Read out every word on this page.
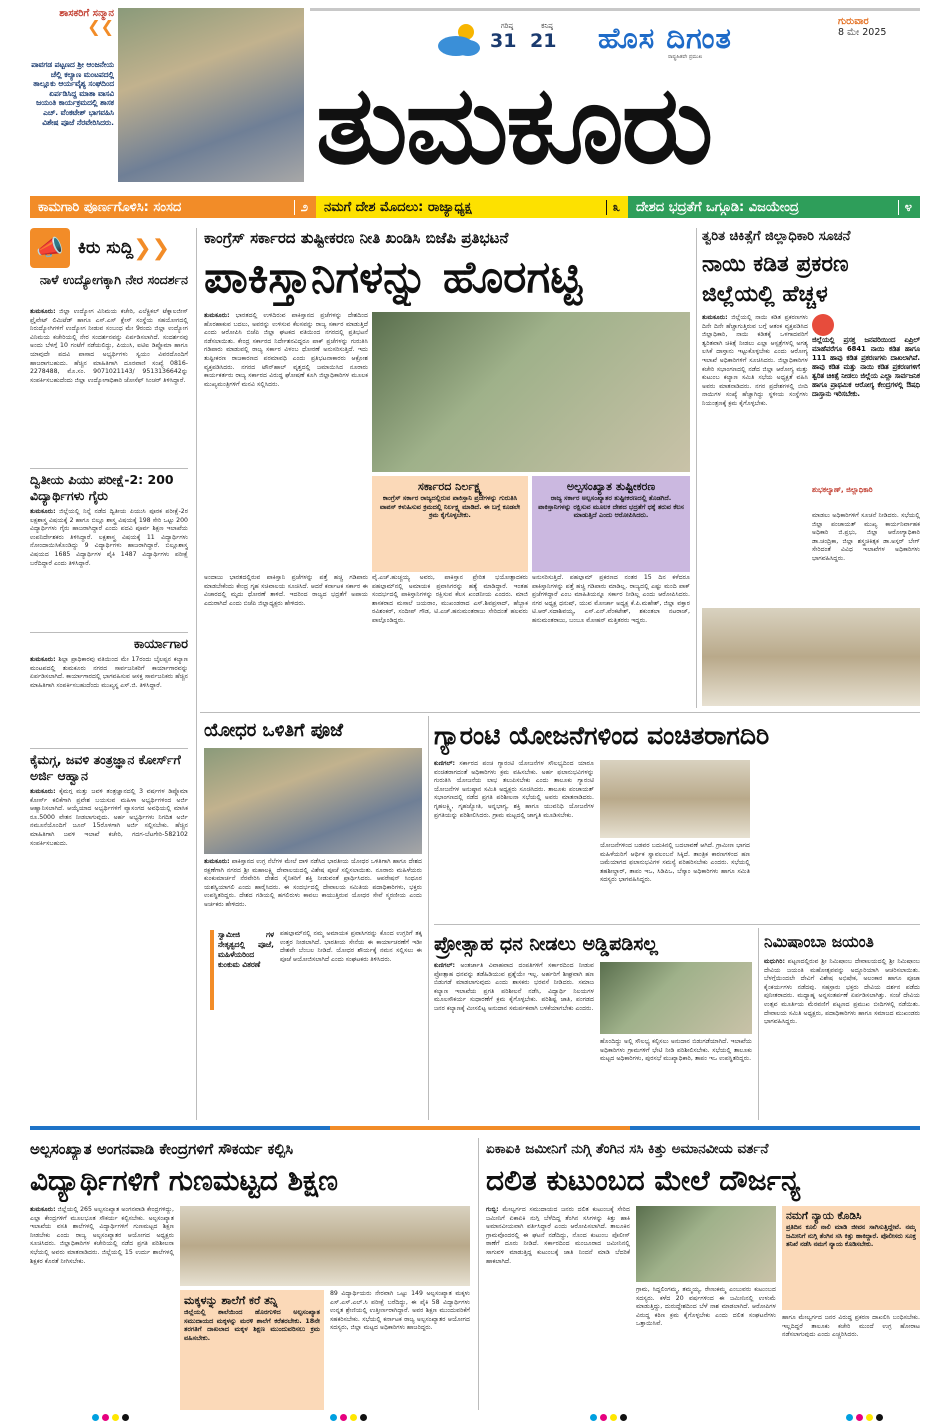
ಶಾಸಕರಿಗೆ ಸನ್ಮಾನ
❮❮
ಪಾವಗಡ ಪಟ್ಟಣದ ಶ್ರೀ ಆಂಜನೇಯ ಚೆಲ್ಲಿ ಕಲ್ಯಾಣ ಮಂಟಪದಲ್ಲಿ ತಾಲ್ಲೂಕು ಆರ್ಯವೈಶ್ಯ ಸಂಘದಿಂದ ಏರ್ಪಡಿಸಿದ್ದ ಮಾತಾ ವಾಸವಿ ಜಯಂತಿ ಕಾರ್ಯಕ್ರಮದಲ್ಲಿ ಶಾಸಕ ಎಚ್. ವೆಂಕಟೇಶ್ ಭಾಗವಹಿಸಿ ವಿಶೇಷ ಪೂಜೆ ನೆರವೇರಿಸಿದರು.
ಗರಿಷ್ಠ
31
ಕನಿಷ್ಠ
21 ಹೊಸ ದಿಗಂತ
ರಾಷ್ಟ್ರಹಿತವೇ ಪ್ರಮುಖ
ಗುರುವಾರ
8 ಮೇ 2025
ತುಮಕೂರು
ಕಾಮಗಾರಿ ಪೂರ್ಣಗೊಳಿಸಿ: ಸಂಸದ	೨ ನಮಗೆ ದೇಶ ಮೊದಲು: ರಾಜ್ಯಾಧ್ಯಕ್ಷ	೩ ದೇಶದ ಭದ್ರತೆಗೆ ಒಗ್ಗೂಡಿ: ವಿಜಯೇಂದ್ರ	೪
📣 ಕಿರು ಸುದ್ದಿ ❯❯
ನಾಳೆ ಉದ್ಯೋಗಕ್ಕಾಗಿ ನೇರ ಸಂದರ್ಶನ
ತುಮಕೂರು: ಜಿಲ್ಲಾ ಉದ್ಯೋಗ ವಿನಿಮಯ ಕಚೇರಿ, ಎಲೆಕ್ಟ್ರಿಕಲ್ ಟೆಕ್ನಾಲಜೀಸ್ ಪ್ರೈವೇಟ್ ಲಿಮಿಟೆಡ್ ಹಾಗೂ ಎಸ್.ಎಸ್ ಕ್ಲೇಸ್ ಸಂಸ್ಥೆಯ ಸಹಯೋಗದಲ್ಲಿ ನಿರುದ್ಯೋಗಿಗಳಿಗೆ ಉದ್ಯೋಗ ನೀಡುವ ಸಂಬಂಧ ಮೇ 9ರಂದು ಜಿಲ್ಲಾ ಉದ್ಯೋಗ ವಿನಿಮಯ ಕಚೇರಿಯಲ್ಲಿ ನೇರ ಸಂದರ್ಶನವನ್ನು ಏರ್ಪಡಿಸಲಾಗಿದೆ. ಸಂದರ್ಶನವು ಅಂದು ಬೆಳಗ್ಗೆ 10 ಗಂಟೆಗೆ ನಡೆಯಲಿದ್ದು, ಪಿಯುಸಿ, ಐಟಿಐ ಡಿಪ್ಲೊಮಾ ಹಾಗೂ ಯಾವುದೇ ಪದವಿ ಪಾಸಾದ ಅಭ್ಯರ್ಥಿಗಳು ಸ್ವಯಂ ವಿವರದೊಂದಿಗೆ ಹಾಜರಾಗಬಹುದು. ಹೆಚ್ಚಿನ ಮಾಹಿತಿಗಾಗಿ ದೂರವಾಣಿ ಸಂಖ್ಯೆ 0816-2278488, ಮೊ.ಸಂ. 9071021143/ 9513136642ನ್ನು ಸಂಪರ್ಕಿಸಬಹುದೆಂದು ಜಿಲ್ಲಾ ಉದ್ಯೋಗಾಧಿಕಾರಿ ಜೋಸೆಫ್ ಸಿಂಚರ್ ತಿಳಿಸಿದ್ದಾರೆ.
ದ್ವಿತೀಯ ಪಿಯು ಪರೀಕ್ಷೆ-2: 200 ವಿದ್ಯಾರ್ಥಿಗಳು ಗೈರು
ತುಮಕೂರು: ಜಿಲ್ಲೆಯಲ್ಲಿ ನಿನ್ನೆ ನಡೆದ ದ್ವಿತೀಯ ಪಿಯುಸಿ ಪೂರಕ ಪರೀಕ್ಷೆ-2ರ ಲಕ್ಷಶಾಸ್ತ್ರ ವಿಷಯಕ್ಕೆ 2 ಹಾಗೂ ಬಿಲ್ಲೂ ಶಾಸ್ತ್ರ ವಿಷಯಕ್ಕೆ 198 ಸೇರಿ ಒಟ್ಟು 200 ವಿದ್ಯಾರ್ಥಿಗಳು ಗೈರು ಹಾಜರಾಗಿದ್ದಾರೆ ಎಂದು ಪದವಿ ಪೂರ್ವ ಶಿಕ್ಷಣ ಇಲಾಖೆಯ ಉಪನಿರ್ದೇಶಕರು ತಿಳಿಸಿದ್ದಾರೆ. ಲಕ್ಷಶಾಸ್ತ್ರ ವಿಷಯಕ್ಕೆ 11 ವಿದ್ಯಾರ್ಥಿಗಳು ನೋಂದಾಯಿಸಿಕೊಂಡಿದ್ದು 9 ವಿದ್ಯಾರ್ಥಿಗಳು ಹಾಜರಾಗಿದ್ದಾರೆ. ಬಿಲ್ಲೂಶಾಸ್ತ್ರ ವಿಷಯದ 1685 ವಿದ್ಯಾರ್ಥಿಗಳ ಪೈಕಿ 1487 ವಿದ್ಯಾರ್ಥಿಗಳು ಪರೀಕ್ಷೆ ಬರೆದಿದ್ದಾರೆ ಎಂದು ತಿಳಿಸಿದ್ದಾರೆ.
ಕಾರ್ಯಾಗಾರ
ತುಮಕೂರು: ಶಿಲ್ಪಾ ಪ್ರಾಧಿಕಾರವು ವತಿಯಿಂದ ಮೇ 17ರಂದು ಬೈಲಪ್ಪನ ಕಲ್ಯಾಣ ಮಂಟಪದಲ್ಲಿ ತುಮಕೂರು ನಗರದ ಸಾರ್ವಜನಿಕರಿಗೆ ಕಾರ್ಯಾಗಾರವನ್ನು ಏರ್ಪಡಿಸಲಾಗಿದೆ. ಕಾರ್ಯಾಗಾರದಲ್ಲಿ ಭಾಗವಹಿಸುವ ಆಸಕ್ತ ಸಾರ್ವಜನಿಕರು ಹೆಚ್ಚಿನ ಮಾಹಿತಿಗಾಗಿ ಸಂಪರ್ಕಿಸಬಹುದೆಂದು ಮುಖ್ಯಸ್ಥ ಎಸ್.ಜಿ. ತಿಳಿಸಿದ್ದಾರೆ.
ಕೈಮಗ್ಗ, ಜವಳಿ ತಂತ್ರಜ್ಞಾನ ಕೋರ್ಸ್‌ಗೆ ಅರ್ಜಿ ಆಹ್ವಾನ
ತುಮಕೂರು: ಕೈಮಗ್ಗ ಮತ್ತು ಜವಳಿ ತಂತ್ರಜ್ಞಾನದಲ್ಲಿ 3 ವರ್ಷಗಳ ಡಿಪ್ಲೊಮಾ ಕೋರ್ಸ್ ಕಲಿಕೆಗಾಗಿ ಪ್ರವೇಶ ಬಯಸುವ ಮಹಿಳಾ ಅಭ್ಯರ್ಥಿಗಳಿಂದ ಅರ್ಜಿ ಆಹ್ವಾನಿಸಲಾಗಿದೆ. ಆಯ್ಕೆಯಾದ ಅಭ್ಯರ್ಥಿಗಳಿಗೆ ವ್ಯಾಸಂಗದ ಅವಧಿಯಲ್ಲಿ ಮಾಸಿಕ ರೂ.5000 ವೇತನ ನೀಡಲಾಗುವುದು. ಅರ್ಹ ಅಭ್ಯರ್ಥಿಗಳು ನಿಗದಿತ ಅರ್ಜಿ ನಮೂನೆಯೊಂದಿಗೆ ಜೂನ್ 15ರೊಳಗಾಗಿ ಅರ್ಜಿ ಸಲ್ಲಿಸಬೇಕು. ಹೆಚ್ಚಿನ ಮಾಹಿತಿಗಾಗಿ ಜವಳಿ ಇಲಾಖೆ ಕಚೇರಿ, ಗದಗ-ಬೆಟಗೇರಿ-582102 ಸಂಪರ್ಕಿಸಬಹುದು.
ಕಾಂಗ್ರೆಸ್ ಸರ್ಕಾರದ ತುಷ್ಟೀಕರಣ ನೀತಿ ಖಂಡಿಸಿ ಬಿಜೆಪಿ ಪ್ರತಿಭಟನೆ
ಪಾಕಿಸ್ತಾನಿಗಳನ್ನು ಹೊರಗಟ್ಟಿ
ತುಮಕೂರು: ಭಾರತದಲ್ಲಿ ಉಳಿದಿರುವ ಪಾಕಿಸ್ತಾನದ ಪ್ರಜೆಗಳನ್ನು ದೇಶದಿಂದ ಹೊರಹಾಕುವ ಬದಲು, ಅವರನ್ನು ಉಳಿಸುವ ಕೆಲಸವನ್ನು ರಾಜ್ಯ ಸರ್ಕಾರ ಮಾಡುತ್ತಿದೆ ಎಂದು ಆರೋಪಿಸಿ ಬಿಜೆಪಿ ಜಿಲ್ಲಾ ಘಟಕದ ವತಿಯಿಂದ ನಗರದಲ್ಲಿ ಪ್ರತಿಭಟನೆ ನಡೆಸಲಾಯಿತು. ಕೇಂದ್ರ ಸರ್ಕಾರದ ನಿರ್ದೇಶನವಿದ್ದರೂ ಪಾಕ್ ಪ್ರಜೆಗಳನ್ನು ಗುರುತಿಸಿ ಗಡಿಪಾರು ಮಾಡುವಲ್ಲಿ ರಾಜ್ಯ ಸರ್ಕಾರ ವಿಳಂಬ ಧೋರಣೆ ಅನುಸರಿಸುತ್ತಿದೆ. ಇದು ತುಷ್ಟೀಕರಣ ರಾಜಕಾರಣದ ಪರಮಾವಧಿ ಎಂದು ಪ್ರತಿಭಟನಾಕಾರರು ಆಕ್ರೋಶ ವ್ಯಕ್ತಪಡಿಸಿದರು. ನಗರದ ಟೌನ್‌ಹಾಲ್ ವೃತ್ತದಲ್ಲಿ ಜಮಾಯಿಸಿದ ನೂರಾರು ಕಾರ್ಯಕರ್ತರು ರಾಜ್ಯ ಸರ್ಕಾರದ ವಿರುದ್ಧ ಘೋಷಣೆ ಕೂಗಿ ಜಿಲ್ಲಾಧಿಕಾರಿಗಳ ಮೂಲಕ ಮುಖ್ಯಮಂತ್ರಿಗಳಿಗೆ ಮನವಿ ಸಲ್ಲಿಸಿದರು.
ಸರ್ಕಾರದ ನಿರ್ಲಕ್ಷ್ಯ
ಕಾಂಗ್ರೆಸ್ ಸರ್ಕಾರ ರಾಜ್ಯದಲ್ಲಿರುವ ಪಾಕಿಸ್ತಾನಿ ಪ್ರಜೆಗಳನ್ನು ಗುರುತಿಸಿ ವಾಪಸ್ ಕಳುಹಿಸುವ ಕ್ರಮದಲ್ಲಿ ನಿರ್ಲಕ್ಷ್ಯ ಮಾಡಿದೆ. ಈ ಬಗ್ಗೆ ಕೂಡಲೇ ಕ್ರಮ ಕೈಗೊಳ್ಳಬೇಕು.
ಅಲ್ಪಸಂಖ್ಯಾತ ತುಷ್ಟೀಕರಣ
ರಾಜ್ಯ ಸರ್ಕಾರ ಅಲ್ಪಸಂಖ್ಯಾತರ ತುಷ್ಟೀಕರಣದಲ್ಲಿ ತೊಡಗಿದೆ. ಪಾಕಿಸ್ತಾನಿಗಳನ್ನು ರಕ್ಷಿಸುವ ಮೂಲಕ ದೇಶದ ಭದ್ರತೆಗೆ ಧಕ್ಕೆ ತರುವ ಕೆಲಸ ಮಾಡುತ್ತಿದೆ ಎಂದು ಆರೋಪಿಸಿದರು.
ಅಂದಾಜು ಭಾರತದಲ್ಲಿರುವ ಪಾಕಿಸ್ತಾನಿ ಪ್ರಜೆಗಳನ್ನು ಪತ್ತೆ ಹಚ್ಚಿ ಗಡಿಪಾರು ಮಾಡಬೇಕೆಂದು ಕೇಂದ್ರ ಗೃಹ ಸಚಿವಾಲಯ ಸೂಚಿಸಿದೆ. ಆದರೆ ಕರ್ನಾಟಕ ಸರ್ಕಾರ ಈ ವಿಚಾರದಲ್ಲಿ ಮೃದು ಧೋರಣೆ ತಾಳಿದೆ. ಇದರಿಂದ ರಾಜ್ಯದ ಭದ್ರತೆಗೆ ಅಪಾಯ ಎದುರಾಗಿದೆ ಎಂದು ಬಿಜೆಪಿ ಜಿಲ್ಲಾಧ್ಯಕ್ಷರು ಹೇಳಿದರು.
ವೈ.ಎಚ್.ಹುಚ್ಚಯ್ಯ ಅವರು, ಪಾಕಿಸ್ತಾನ ಪ್ರೇರಿತ ಭಯೋತ್ಪಾದಕರು ಪಹಲ್ಗಾಮ್‌ನಲ್ಲಿ ಅಮಾಯಕ ಪ್ರವಾಸಿಗರನ್ನು ಹತ್ಯೆ ಮಾಡಿದ್ದಾರೆ. ಇಂತಹ ಸಂದರ್ಭದಲ್ಲಿ ಪಾಕಿಸ್ತಾನಿಗಳನ್ನು ರಕ್ಷಿಸುವ ಕೆಲಸ ಖಂಡನೀಯ ಎಂದರು. ಮಾಜಿ ಶಾಸಕರಾದ ಮಸಾಲೆ ಜಯರಾಂ, ಮುಖಂಡರಾದ ಎಸ್.ಶಿವಪ್ರಸಾದ್, ಹೆಬ್ಬಾಕ ರವಿಶಂಕರ್, ಸಂದೀಪ್ ಗೌಡ, ಟಿ.ಎಚ್.ಹನುಮಂತರಾಜು ಸೇರಿದಂತೆ ಹಲವರು ಪಾಲ್ಗೊಂಡಿದ್ದರು.
ಅನುಸರಿಸುತ್ತಿದೆ. ಪಹಲ್ಗಾಮ್ ಪ್ರಕರಣದ ನಂತರ 15 ದಿನ ಕಳೆದರೂ ಪಾಕಿಸ್ತಾನಿಗಳನ್ನು ಪತ್ತೆ ಹಚ್ಚಿ ಗಡಿಪಾರು ಮಾಡಿಲ್ಲ. ರಾಜ್ಯದಲ್ಲಿ ಎಷ್ಟು ಮಂದಿ ಪಾಕ್ ಪ್ರಜೆಗಳಿದ್ದಾರೆ ಎಂಬ ಮಾಹಿತಿಯನ್ನೂ ಸರ್ಕಾರ ನೀಡಿಲ್ಲ ಎಂದು ಆರೋಪಿಸಿದರು. ನಗರ ಅಧ್ಯಕ್ಷ ಧನುಷ್, ಯುವ ಮೋರ್ಚಾ ಅಧ್ಯಕ್ಷ ಕೆ.ಪಿ.ಮಹೇಶ್, ಜಿಲ್ಲಾ ವಕ್ತಾರ ಟಿ.ಆರ್.ಸದಾಶಿವಯ್ಯ, ಎಸ್.ಎನ್.ವೆಂಕಟೇಶ್, ಶಕುಂತಲಾ ನಟರಾಜ್, ಹನುಮಂತರಾಜು, ಬಂಬೂ ಮೋಹನ್ ಮತ್ತಿತರರು ಇದ್ದರು.
ತ್ವರಿತ ಚಿಕಿತ್ಸೆಗೆ ಜಿಲ್ಲಾಧಿಕಾರಿ ಸೂಚನೆ
ನಾಯಿ ಕಡಿತ ಪ್ರಕರಣ ಜಿಲ್ಲೆಯಲ್ಲಿ ಹೆಚ್ಚಳ
ತುಮಕೂರು: ಜಿಲ್ಲೆಯಲ್ಲಿ ನಾಯಿ ಕಡಿತ ಪ್ರಕರಣಗಳು ದಿನೇ ದಿನೇ ಹೆಚ್ಚಾಗುತ್ತಿರುವ ಬಗ್ಗೆ ಆತಂಕ ವ್ಯಕ್ತಪಡಿಸಿದ ಜಿಲ್ಲಾಧಿಕಾರಿ, ನಾಯಿ ಕಡಿತಕ್ಕೆ ಒಳಗಾದವರಿಗೆ ತ್ವರಿತವಾಗಿ ಚಿಕಿತ್ಸೆ ನೀಡಲು ಎಲ್ಲಾ ಆಸ್ಪತ್ರೆಗಳಲ್ಲಿ ಅಗತ್ಯ ಲಸಿಕೆ ದಾಸ್ತಾನು ಇಟ್ಟುಕೊಳ್ಳಬೇಕು ಎಂದು ಆರೋಗ್ಯ ಇಲಾಖೆ ಅಧಿಕಾರಿಗಳಿಗೆ ಸೂಚಿಸಿದರು. ಜಿಲ್ಲಾಧಿಕಾರಿಗಳ ಕಚೇರಿ ಸಭಾಂಗಣದಲ್ಲಿ ನಡೆದ ಜಿಲ್ಲಾ ಆರೋಗ್ಯ ಮತ್ತು ಕುಟುಂಬ ಕಲ್ಯಾಣ ಸಮಿತಿ ಸಭೆಯ ಅಧ್ಯಕ್ಷತೆ ವಹಿಸಿ ಅವರು ಮಾತನಾಡಿದರು. ನಗರ ಪ್ರದೇಶಗಳಲ್ಲಿ ಬೀದಿ ನಾಯಿಗಳ ಸಂಖ್ಯೆ ಹೆಚ್ಚಾಗಿದ್ದು ಸ್ಥಳೀಯ ಸಂಸ್ಥೆಗಳು ನಿಯಂತ್ರಣಕ್ಕೆ ಕ್ರಮ ಕೈಗೊಳ್ಳಬೇಕು.
ಜಿಲ್ಲೆಯಲ್ಲಿ ಪ್ರಸಕ್ತ ಜನವರಿಯಿಂದ ಏಪ್ರಿಲ್ ಮಾಹೆವರೆಗೂ 6841 ನಾಯಿ ಕಡಿತ ಹಾಗೂ 111 ಹಾವು ಕಡಿತ ಪ್ರಕರಣಗಳು ದಾಖಲಾಗಿವೆ. ಹಾವು ಕಡಿತ ಮತ್ತು ನಾಯಿ ಕಡಿತ ಪ್ರಕರಣಗಳಿಗೆ ತ್ವರಿತ ಚಿಕಿತ್ಸೆ ನೀಡಲು ಜಿಲ್ಲೆಯ ಎಲ್ಲಾ ಸಾರ್ವಜನಿಕ ಹಾಗೂ ಪ್ರಾಥಮಿಕ ಆರೋಗ್ಯ ಕೇಂದ್ರಗಳಲ್ಲಿ ಔಷಧಿ ದಾಸ್ತಾನು ಇರಿಸಬೇಕು.
ಶುಭಕಲ್ಯಾಣ್, ಜಿಲ್ಲಾಧಿಕಾರಿ
ಮಾಡಲು ಅಧಿಕಾರಿಗಳಿಗೆ ಸೂಚನೆ ನೀಡಿದರು. ಸಭೆಯಲ್ಲಿ ಜಿಲ್ಲಾ ಪಂಚಾಯತ್ ಮುಖ್ಯ ಕಾರ್ಯನಿರ್ವಾಹಕ ಅಧಿಕಾರಿ ಜಿ.ಪ್ರಭು, ಜಿಲ್ಲಾ ಆರೋಗ್ಯಾಧಿಕಾರಿ ಡಾ.ಚಂದ್ರಿಕಾ, ಜಿಲ್ಲಾ ಶಸ್ತ್ರಚಿಕಿತ್ಸಕ ಡಾ.ಅಸ್ಗರ್ ಬೇಗ್ ಸೇರಿದಂತೆ ವಿವಿಧ ಇಲಾಖೆಗಳ ಅಧಿಕಾರಿಗಳು ಭಾಗವಹಿಸಿದ್ದರು.
ಯೋಧರ ಒಳಿತಿಗೆ ಪೂಜೆ
ತುಮಕೂರು: ಪಾಕಿಸ್ತಾನದ ಉಗ್ರ ನೆಲೆಗಳ ಮೇಲೆ ದಾಳಿ ನಡೆಸಿದ ಭಾರತೀಯ ಯೋಧರ ಒಳಿತಿಗಾಗಿ ಹಾಗೂ ದೇಶದ ರಕ್ಷಣೆಗಾಗಿ ನಗರದ ಶ್ರೀ ಮಹಾಲಕ್ಷ್ಮಿ ದೇವಾಲಯದಲ್ಲಿ ವಿಶೇಷ ಪೂಜೆ ಸಲ್ಲಿಸಲಾಯಿತು. ನೂರಾರು ಮಹಿಳೆಯರು ಕುಂಕುಮಾರ್ಚನೆ ನೆರವೇರಿಸಿ ದೇಶದ ಸೈನಿಕರಿಗೆ ಶಕ್ತಿ ನೀಡುವಂತೆ ಪ್ರಾರ್ಥಿಸಿದರು. ಆಪರೇಷನ್ ಸಿಂಧೂರ ಯಶಸ್ವಿಯಾಗಲಿ ಎಂದು ಹಾರೈಸಿದರು. ಈ ಸಂದರ್ಭದಲ್ಲಿ ದೇವಾಲಯ ಸಮಿತಿಯ ಪದಾಧಿಕಾರಿಗಳು, ಭಕ್ತರು ಉಪಸ್ಥಿತರಿದ್ದರು. ದೇಶದ ಗಡಿಯಲ್ಲಿ ಹಗಲಿರುಳು ಕಾವಲು ಕಾಯುತ್ತಿರುವ ಯೋಧರ ಸೇವೆ ಸ್ಮರಣೀಯ ಎಂದು ಅರ್ಚಕರು ಹೇಳಿದರು.
ಸ್ವಾಮೀಜಿ ಗಳ ನೇತೃತ್ವದಲ್ಲಿ ಪೂಜೆ, ಮಹಿಳೆಯರಿಂದ ಕುಂಕುಮ ವಿತರಣೆ
ಪಹಲ್ಗಾಮ್‌ನಲ್ಲಿ ನಮ್ಮ ಅಮಾಯಕ ಪ್ರವಾಸಿಗರನ್ನು ಕೊಂದ ಉಗ್ರರಿಗೆ ತಕ್ಕ ಉತ್ತರ ನೀಡಲಾಗಿದೆ. ಭಾರತೀಯ ಸೇನೆಯ ಈ ಕಾರ್ಯಾಚರಣೆಗೆ ಇಡೀ ದೇಶವೇ ಬೆಂಬಲ ನೀಡಿದೆ. ಯೋಧರ ಶೌರ್ಯಕ್ಕೆ ನಮನ ಸಲ್ಲಿಸಲು ಈ ಪೂಜೆ ಆಯೋಜಿಸಲಾಗಿದೆ ಎಂದು ಸಂಘಟಕರು ತಿಳಿಸಿದರು.
ಗ್ಯಾರಂಟಿ ಯೋಜನೆಗಳಿಂದ ವಂಚಿತರಾಗದಿರಿ
ಕುಣಿಗಲ್: ಸರ್ಕಾರದ ಪಂಚ ಗ್ಯಾರಂಟಿ ಯೋಜನೆಗಳ ಸೌಲಭ್ಯದಿಂದ ಯಾರೂ ವಂಚಿತರಾಗದಂತೆ ಅಧಿಕಾರಿಗಳು ಕ್ರಮ ವಹಿಸಬೇಕು. ಅರ್ಹ ಫಲಾನುಭವಿಗಳನ್ನು ಗುರುತಿಸಿ ಯೋಜನೆಯ ಲಾಭ ತಲುಪಿಸಬೇಕು ಎಂದು ತಾಲೂಕು ಗ್ಯಾರಂಟಿ ಯೋಜನೆಗಳ ಅನುಷ್ಠಾನ ಸಮಿತಿ ಅಧ್ಯಕ್ಷರು ಸೂಚಿಸಿದರು. ತಾಲೂಕು ಪಂಚಾಯತ್ ಸಭಾಂಗಣದಲ್ಲಿ ನಡೆದ ಪ್ರಗತಿ ಪರಿಶೀಲನಾ ಸಭೆಯಲ್ಲಿ ಅವರು ಮಾತನಾಡಿದರು. ಗೃಹಲಕ್ಷ್ಮಿ, ಗೃಹಜ್ಯೋತಿ, ಅನ್ನಭಾಗ್ಯ, ಶಕ್ತಿ ಹಾಗೂ ಯುವನಿಧಿ ಯೋಜನೆಗಳ ಪ್ರಗತಿಯನ್ನು ಪರಿಶೀಲಿಸಿದರು. ಗ್ರಾಮ ಮಟ್ಟದಲ್ಲಿ ಜಾಗೃತಿ ಮೂಡಿಸಬೇಕು.
ಯೋಜನೆಗಳಿಂದ ಬಡವರ ಬದುಕಿನಲ್ಲಿ ಬದಲಾವಣೆ ಆಗಿದೆ. ಗ್ರಾಮೀಣ ಭಾಗದ ಮಹಿಳೆಯರಿಗೆ ಆರ್ಥಿಕ ಸ್ವಾವಲಂಬನೆ ಸಿಕ್ಕಿದೆ. ತಾಂತ್ರಿಕ ಕಾರಣಗಳಿಂದ ಹಣ ಜಮೆಯಾಗದ ಫಲಾನುಭವಿಗಳ ಸಮಸ್ಯೆ ಪರಿಹರಿಸಬೇಕು ಎಂದರು. ಸಭೆಯಲ್ಲಿ ತಹಶೀಲ್ದಾರ್, ತಾಪಂ ಇಒ, ಸಿಡಿಪಿಒ, ಬೆಸ್ಕಾಂ ಅಧಿಕಾರಿಗಳು ಹಾಗೂ ಸಮಿತಿ ಸದಸ್ಯರು ಭಾಗವಹಿಸಿದ್ದರು.
ಪ್ರೋತ್ಸಾಹ ಧನ ನೀಡಲು ಅಡ್ಡಿಪಡಿಸಲ್ಲ
ಕುಣಿಗಲ್: ಅಂತರ್ಜಾತಿ ವಿವಾಹವಾದ ದಂಪತಿಗಳಿಗೆ ಸರ್ಕಾರದಿಂದ ನೀಡುವ ಪ್ರೋತ್ಸಾಹ ಧನವನ್ನು ತಡೆಹಿಡಿಯುವ ಪ್ರಶ್ನೆಯೇ ಇಲ್ಲ. ಅರ್ಹರಿಗೆ ಶೀಘ್ರವಾಗಿ ಹಣ ಬಿಡುಗಡೆ ಮಾಡಲಾಗುವುದು ಎಂದು ಶಾಸಕರು ಭರವಸೆ ನೀಡಿದರು. ಸಮಾಜ ಕಲ್ಯಾಣ ಇಲಾಖೆಯ ಪ್ರಗತಿ ಪರಿಶೀಲನೆ ನಡೆಸಿ, ವಿದ್ಯಾರ್ಥಿ ನಿಲಯಗಳ ಮೂಲಸೌಕರ್ಯ ಸುಧಾರಣೆಗೆ ಕ್ರಮ ಕೈಗೊಳ್ಳಬೇಕು. ಪರಿಶಿಷ್ಟ ಜಾತಿ, ಪಂಗಡದ ಜನರ ಕಲ್ಯಾಣಕ್ಕೆ ಮೀಸಲಿಟ್ಟ ಅನುದಾನ ಸಮರ್ಪಕವಾಗಿ ಬಳಕೆಯಾಗಬೇಕು ಎಂದರು.
ಹೊಂದಿದ್ದು ಅಲ್ಲಿ ಸೌಲಭ್ಯ ಕಲ್ಪಿಸಲು ಅನುದಾನ ಬಿಡುಗಡೆಯಾಗಿದೆ. ಇಲಾಖೆಯ ಅಧಿಕಾರಿಗಳು ಗ್ರಾಮಗಳಿಗೆ ಭೇಟಿ ನೀಡಿ ಪರಿಶೀಲಿಸಬೇಕು. ಸಭೆಯಲ್ಲಿ ತಾಲೂಕು ಮಟ್ಟದ ಅಧಿಕಾರಿಗಳು, ಪುರಸಭೆ ಮುಖ್ಯಾಧಿಕಾರಿ, ತಾಪಂ ಇಒ ಉಪಸ್ಥಿತರಿದ್ದರು.
ನಿಮಿಷಾಂಬಾ ಜಯಂತಿ
ಮಧುಗಿರಿ: ಪಟ್ಟಣದಲ್ಲಿರುವ ಶ್ರೀ ನಿಮಿಷಾಂಬ ದೇವಾಲಯದಲ್ಲಿ ಶ್ರೀ ನಿಮಿಷಾಂಬ ದೇವಿಯ ಜಯಂತಿ ಮಹೋತ್ಸವವನ್ನು ಅದ್ದೂರಿಯಾಗಿ ಆಚರಿಸಲಾಯಿತು. ಬೆಳಗ್ಗೆಯಿಂದಲೇ ದೇವಿಗೆ ವಿಶೇಷ ಅಭಿಷೇಕ, ಅಲಂಕಾರ ಹಾಗೂ ಪೂಜಾ ಕೈಂಕರ್ಯಗಳು ನಡೆದವು. ಸಹಸ್ರಾರು ಭಕ್ತರು ದೇವಿಯ ದರ್ಶನ ಪಡೆದು ಪುನೀತರಾದರು. ಮಧ್ಯಾಹ್ನ ಅನ್ನಸಂತರ್ಪಣೆ ಏರ್ಪಡಿಸಲಾಗಿತ್ತು. ಸಂಜೆ ದೇವಿಯ ಉತ್ಸವ ಮೂರ್ತಿಯ ಮೆರವಣಿಗೆ ಪಟ್ಟಣದ ಪ್ರಮುಖ ಬೀದಿಗಳಲ್ಲಿ ನಡೆಯಿತು. ದೇವಾಲಯ ಸಮಿತಿ ಅಧ್ಯಕ್ಷರು, ಪದಾಧಿಕಾರಿಗಳು ಹಾಗೂ ಸಮಾಜದ ಮುಖಂಡರು ಭಾಗವಹಿಸಿದ್ದರು.
ಅಲ್ಪಸಂಖ್ಯಾತ ಅಂಗನವಾಡಿ ಕೇಂದ್ರಗಳಿಗೆ ಸೌಕರ್ಯ ಕಲ್ಪಿಸಿ
ವಿದ್ಯಾರ್ಥಿಗಳಿಗೆ ಗುಣಮಟ್ಟದ ಶಿಕ್ಷಣ
ತುಮಕೂರು: ಜಿಲ್ಲೆಯಲ್ಲಿ 265 ಅಲ್ಪಸಂಖ್ಯಾತ ಅಂಗನವಾಡಿ ಕೇಂದ್ರಗಳಿದ್ದು, ಎಲ್ಲಾ ಕೇಂದ್ರಗಳಿಗೆ ಮೂಲಭೂತ ಸೌಕರ್ಯ ಕಲ್ಪಿಸಬೇಕು. ಅಲ್ಪಸಂಖ್ಯಾತ ಇಲಾಖೆಯ ವಸತಿ ಶಾಲೆಗಳಲ್ಲಿ ವಿದ್ಯಾರ್ಥಿಗಳಿಗೆ ಗುಣಮಟ್ಟದ ಶಿಕ್ಷಣ ನೀಡಬೇಕು ಎಂದು ರಾಜ್ಯ ಅಲ್ಪಸಂಖ್ಯಾತರ ಆಯೋಗದ ಅಧ್ಯಕ್ಷರು ಸೂಚಿಸಿದರು. ಜಿಲ್ಲಾಧಿಕಾರಿಗಳ ಕಚೇರಿಯಲ್ಲಿ ನಡೆದ ಪ್ರಗತಿ ಪರಿಶೀಲನಾ ಸಭೆಯಲ್ಲಿ ಅವರು ಮಾತನಾಡಿದರು. ಜಿಲ್ಲೆಯಲ್ಲಿ 15 ಉರ್ದು ಶಾಲೆಗಳಲ್ಲಿ ಶಿಕ್ಷಕರ ಕೊರತೆ ನೀಗಿಸಬೇಕು.
ಮಕ್ಕಳನ್ನು ಶಾಲೆಗೆ ಕರೆ ತನ್ನಿ
ಜಿಲ್ಲೆಯಲ್ಲಿ ಶಾಲೆಯಿಂದ ಹೊರಗುಳಿದ ಅಲ್ಪಸಂಖ್ಯಾತ ಸಮುದಾಯದ ಮಕ್ಕಳನ್ನು ಮರಳಿ ಶಾಲೆಗೆ ಕರೆತರಬೇಕು. 18ನೇ ತರಗತಿಗೆ ದಾಖಲಾದ ಮಕ್ಕಳ ಶಿಕ್ಷಣ ಮುಂದುವರಿಸಲು ಕ್ರಮ ವಹಿಸಬೇಕು.
89 ವಿದ್ಯಾರ್ಥಿಯರು ನೇರವಾಗಿ ಒಟ್ಟು 149 ಅಲ್ಪಸಂಖ್ಯಾತ ಮಕ್ಕಳು ಎಸ್.ಎಸ್.ಎಲ್.ಸಿ ಪರೀಕ್ಷೆ ಬರೆದಿದ್ದು, ಈ ಪೈಕಿ 58 ವಿದ್ಯಾರ್ಥಿಗಳು ಉನ್ನತ ಶ್ರೇಣಿಯಲ್ಲಿ ಉತ್ತೀರ್ಣರಾಗಿದ್ದಾರೆ. ಅವರ ಶಿಕ್ಷಣ ಮುಂದುವರಿಕೆಗೆ ಸಹಕರಿಸಬೇಕು. ಸಭೆಯಲ್ಲಿ ಕರ್ನಾಟಕ ರಾಜ್ಯ ಅಲ್ಪಸಂಖ್ಯಾತರ ಆಯೋಗದ ಸದಸ್ಯರು, ಜಿಲ್ಲಾ ಮಟ್ಟದ ಅಧಿಕಾರಿಗಳು ಹಾಜರಿದ್ದರು.
ಏಕಾಏಕಿ ಜಮೀನಿಗೆ ನುಗ್ಗಿ ತೆಂಗಿನ ಸಸಿ ಕಿತ್ತು ಅಮಾನವೀಯ ವರ್ತನೆ
ದಲಿತ ಕುಟುಂಬದ ಮೇಲೆ ದೌರ್ಜನ್ಯ
ಗುಬ್ಬಿ: ಮೇಲ್ವರ್ಗದ ಸಮುದಾಯದ ಜನರು ದಲಿತ ಕುಟುಂಬಕ್ಕೆ ಸೇರಿದ ಜಮೀನಿಗೆ ಏಕಾಏಕಿ ನುಗ್ಗಿ ಬೆಳೆದಿದ್ದ ತೆಂಗಿನ ಸಸಿಗಳನ್ನು ಕಿತ್ತು ಹಾಕಿ ಅಮಾನವೀಯವಾಗಿ ವರ್ತಿಸಿದ್ದಾರೆ ಎಂದು ಆರೋಪಿಸಲಾಗಿದೆ. ತಾಲೂಕಿನ ಗ್ರಾಮವೊಂದರಲ್ಲಿ ಈ ಘಟನೆ ನಡೆದಿದ್ದು, ನೊಂದ ಕುಟುಂಬ ಪೊಲೀಸ್ ಠಾಣೆಗೆ ದೂರು ನೀಡಿದೆ. ಸರ್ಕಾರದಿಂದ ಮಂಜೂರಾದ ಜಮೀನಿನಲ್ಲಿ ಸಾಗುವಳಿ ಮಾಡುತ್ತಿದ್ದ ಕುಟುಂಬಕ್ಕೆ ಜಾತಿ ನಿಂದನೆ ಮಾಡಿ ಬೆದರಿಕೆ ಹಾಕಲಾಗಿದೆ.
ಗ್ರಾಮ, ಸಿದ್ದಲಿಂಗಮ್ಮ, ತಮ್ಮಯ್ಯ, ರೇಣುಕಮ್ಮ ಎಂಬುವರು ಕುಟುಂಬದ ಸದಸ್ಯರು. ಕಳೆದ 20 ವರ್ಷಗಳಿಂದ ಈ ಜಮೀನಿನಲ್ಲಿ ಉಳುಮೆ ಮಾಡುತ್ತಿದ್ದು, ದುರುದ್ದೇಶದಿಂದ ಬೆಳೆ ನಾಶ ಮಾಡಲಾಗಿದೆ. ಆರೋಪಿಗಳ ವಿರುದ್ಧ ಕಠಿಣ ಕ್ರಮ ಕೈಗೊಳ್ಳಬೇಕು ಎಂದು ದಲಿತ ಸಂಘಟನೆಗಳು ಒತ್ತಾಯಿಸಿವೆ.
ನಮಗೆ ನ್ಯಾಯ ಕೊಡಿಸಿ
ಪ್ರತಿದಿನ ಕೂಲಿ ನಾಲಿ ಮಾಡಿ ಜೀವನ ಸಾಗಿಸುತ್ತಿದ್ದೇವೆ. ನಮ್ಮ ಜಮೀನಿಗೆ ನುಗ್ಗಿ ತೆಂಗಿನ ಸಸಿ ಕಿತ್ತು ಹಾಕಿದ್ದಾರೆ. ಪೊಲೀಸರು ಸೂಕ್ತ ತನಿಖೆ ನಡೆಸಿ ನಮಗೆ ನ್ಯಾಯ ಕೊಡಿಸಬೇಕು.
ಹಾಗೂ ಮೇಲ್ವರ್ಗದ ಜನರ ವಿರುದ್ಧ ಪ್ರಕರಣ ದಾಖಲಿಸಿ ಬಂಧಿಸಬೇಕು. ಇಲ್ಲದಿದ್ದರೆ ತಾಲೂಕು ಕಚೇರಿ ಮುಂದೆ ಉಗ್ರ ಹೋರಾಟ ನಡೆಸಲಾಗುವುದು ಎಂದು ಎಚ್ಚರಿಸಿದರು.
